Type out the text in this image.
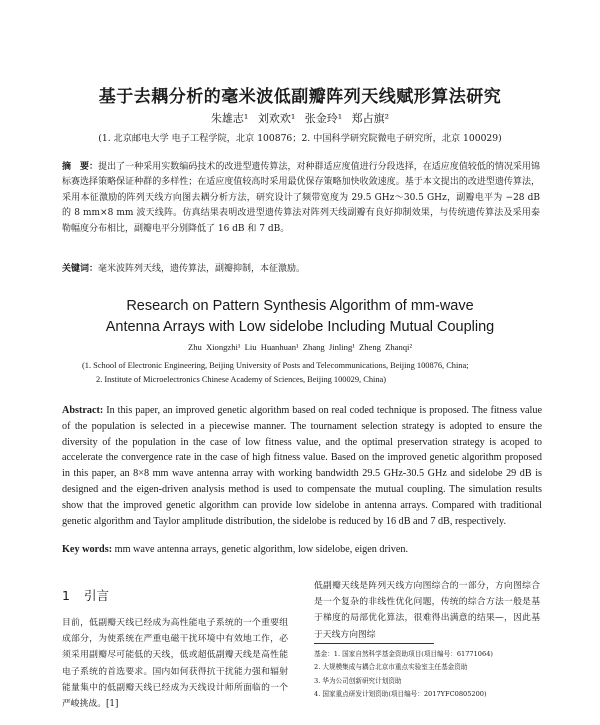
基于去耦分析的毫米波低副瓣阵列天线赋形算法研究
朱雄志¹ 刘欢欢¹ 张金玲¹ 郑占旗²
(1. 北京邮电大学 电子工程学院，北京 100876；2. 中国科学研究院微电子研究所，北京 100029)
摘　要：提出了一种采用实数编码技术的改进型遗传算法，对种群适应度值进行分段选择，在适应度值较低的情况采用锦标赛选择策略保证种群的多样性；在适应度值较高时采用最优保存策略加快收敛速度。基于本文提出的改进型遗传算法，采用本征激励的阵列天线方向图去耦分析方法，研究设计了频带宽度为 29.5 GHz～30.5 GHz，副瓣电平为 −28 dB 的 8 mm×8 mm 波天线阵。仿真结果表明改进型遗传算法对阵列天线副瓣有良好抑制效果，与传统遗传算法及采用泰勒幅度分布相比，副瓣电平分别降低了 16 dB 和 7 dB。
关键词：毫米波阵列天线，遗传算法，副瓣抑制，本征激励。
Research on Pattern Synthesis Algorithm of mm-wave
Antenna Arrays with Low sidelobe Including Mutual Coupling
Zhu Xiongzhi¹ Liu Huanhuan¹ Zhang Jinling¹ Zheng Zhanqi²
(1. School of Electronic Engineering, Beijing University of Posts and Telecommunications, Beijing 100876, China;
2. Institute of Microelectronics Chinese Academy of Sciences, Beijing 100029, China)
Abstract: In this paper, an improved genetic algorithm based on real coded technique is proposed. The fitness value of the population is selected in a piecewise manner. The tournament selection strategy is adopted to ensure the diversity of the population in the case of low fitness value, and the optimal preservation strategy is acoped to accelerate the convergence rate in the case of high fitness value. Based on the improved genetic algorithm proposed in this paper, an 8×8 mm wave antenna array with working bandwidth 29.5 GHz-30.5 GHz and sidelobe 29 dB is designed and the eigen-driven analysis method is used to compensate the mutual coupling. The simulation results show that the improved genetic algorithm can provide low sidelobe in antenna arrays. Compared with traditional genetic algorithm and Taylor amplitude distribution, the sidelobe is reduced by 16 dB and 7 dB, respectively.
Key words: mm wave antenna arrays, genetic algorithm, low sidelobe, eigen driven.
1 引言
目前，低副瓣天线已经成为高性能电子系统的一个重要组成部分，为使系统在严重电磁干扰环境中有效地工作，必须采用副瓣尽可能低的天线，低或超低副瓣天线是高性能电子系统的首选要求。国内如何获得抗干扰能力强和辐射能量集中的低副瓣天线已经成为天线设计师所面临的一个严峻挑战。[1]
低副瓣天线是阵列天线方向图综合的一部分，方向图综合是一个复杂的非线性优化问题，传统的综合方法一般是基于梯度的局部优化算法，很难得出满意的结果—，因此基于天线方向图综
基金：1. 国家自然科学基金资助项目(项目编号：61771064)
2. 大规模集成与耦合北京市重点实验室主任基金资助
3. 华为公司创新研究计划资助
4. 国家重点研发计划资助(项目编号：2017YFC0805200)
